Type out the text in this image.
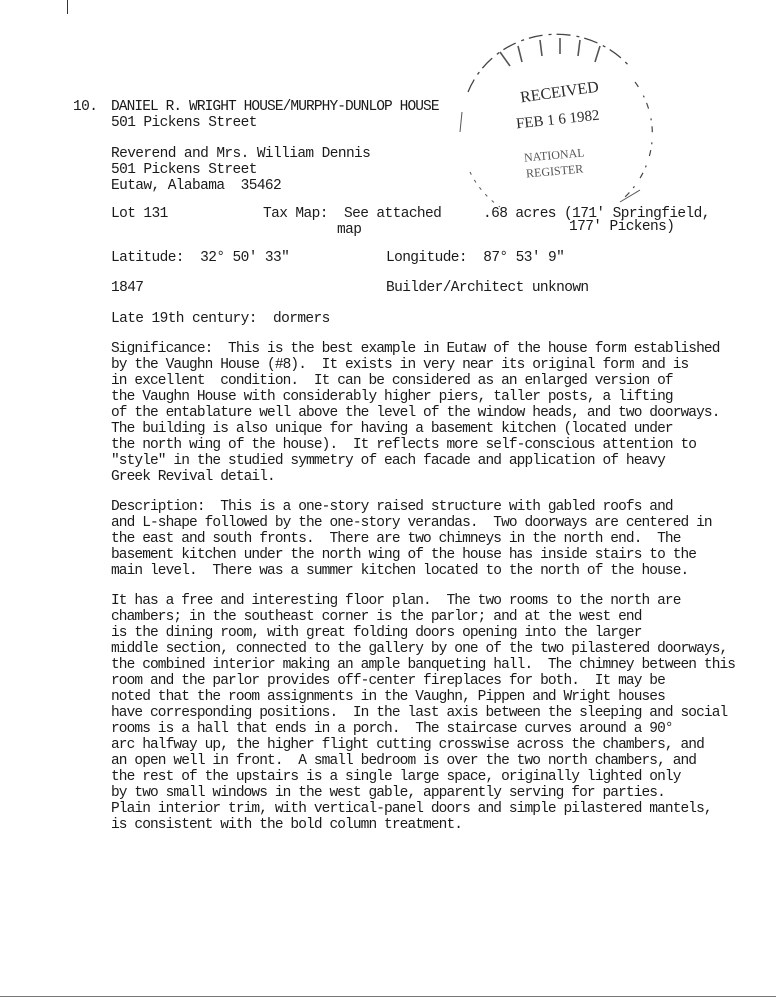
10. DANIEL R. WRIGHT HOUSE/MURPHY-DUNLOP HOUSE
501 Pickens Street
Reverend and Mrs. William Dennis
501 Pickens Street
Eutaw, Alabama  35462
Lot 131	Tax Map:  See attached
map
.68 acres (171' Springfield,
177' Pickens)
Latitude:  32° 50' 33"	Longitude:  87° 53' 9"
1847	Builder/Architect unknown
Late 19th century:  dormers
Significance:  This is the best example in Eutaw of the house form established
by the Vaughn House (#8).  It exists in very near its original form and is
in excellent  condition.  It can be considered as an enlarged version of
the Vaughn House with considerably higher piers, taller posts, a lifting
of the entablature well above the level of the window heads, and two doorways.
The building is also unique for having a basement kitchen (located under
the north wing of the house).  It reflects more self-conscious attention to
"style" in the studied symmetry of each facade and application of heavy
Greek Revival detail.
Description:  This is a one-story raised structure with gabled roofs and
and L-shape followed by the one-story verandas.  Two doorways are centered in
the east and south fronts.  There are two chimneys in the north end.  The
basement kitchen under the north wing of the house has inside stairs to the
main level.  There was a summer kitchen located to the north of the house.
It has a free and interesting floor plan.  The two rooms to the north are
chambers; in the southeast corner is the parlor; and at the west end
is the dining room, with great folding doors opening into the larger
middle section, connected to the gallery by one of the two pilastered doorways,
the combined interior making an ample banqueting hall.  The chimney between this
room and the parlor provides off-center fireplaces for both.  It may be
noted that the room assignments in the Vaughn, Pippen and Wright houses
have corresponding positions.  In the last axis between the sleeping and social
rooms is a hall that ends in a porch.  The staircase curves around a 90°
arc halfway up, the higher flight cutting crosswise across the chambers, and
an open well in front.  A small bedroom is over the two north chambers, and
the rest of the upstairs is a single large space, originally lighted only
by two small windows in the west gable, apparently serving for parties.
Plain interior trim, with vertical-panel doors and simple pilastered mantels,
is consistent with the bold column treatment.
RECEIVED
FEB 1 6 1982
NATIONAL
REGISTER
